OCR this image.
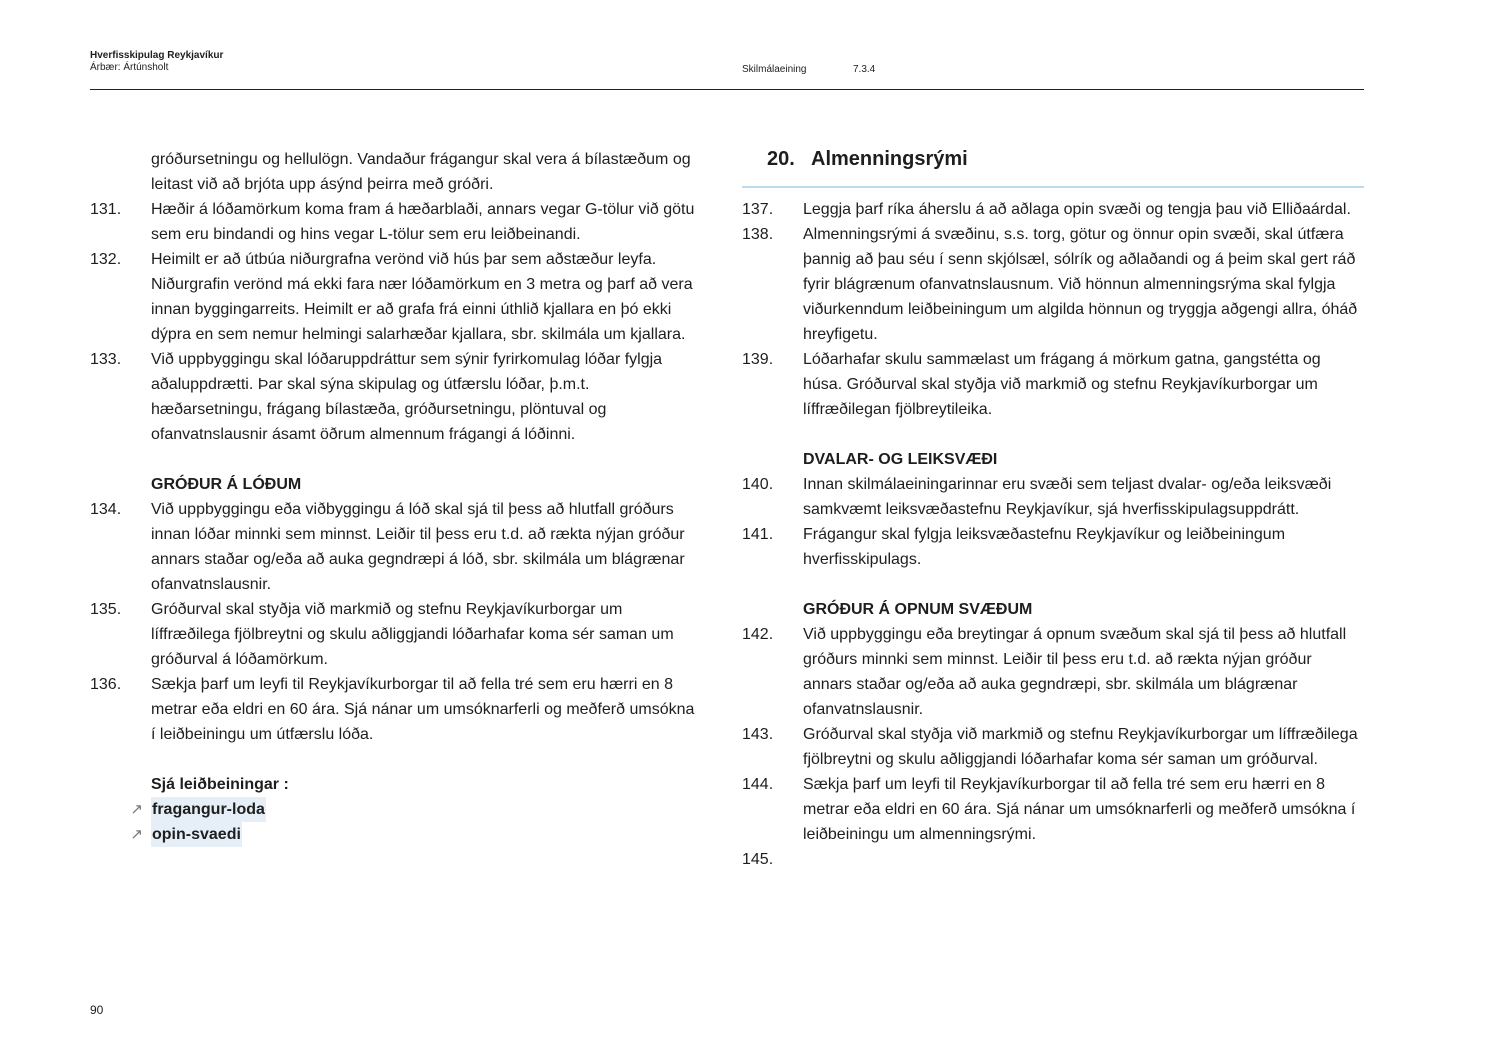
Hverfisskipulag Reykjavíkur
Árbær: Ártúnsholt	Skilmálaeining	7.3.4
gróðursetningu og hellulögn. Vandaður frágangur skal vera á bílastæðum og leitast við að brjóta upp ásýnd þeirra með gróðri.
131.	Hæðir á lóðamörkum koma fram á hæðarblaði, annars vegar G-tölur við götu sem eru bindandi og hins vegar L-tölur sem eru leiðbeinandi.
132.	Heimilt er að útbúa niðurgrafna verönd við hús þar sem aðstæður leyfa. Niðurgrafin verönd má ekki fara nær lóðamörkum en 3 metra og þarf að vera innan byggingarreits. Heimilt er að grafa frá einni úthlið kjallara en þó ekki dýpra en sem nemur helmingi salarhæðar kjallara, sbr. skilmála um kjallara.
133.	Við uppbyggingu skal lóðaruppdráttur sem sýnir fyrirkomulag lóðar fylgja aðaluppdrætti. Þar skal sýna skipulag og útfærslu lóðar, þ.m.t. hæðarsetningu, frágang bílastæða, gróðursetningu, plöntuval og ofanvatnslausnir ásamt öðrum almennum frágangi á lóðinni.
GRÓÐUR Á LÓÐUM
134.	Við uppbyggingu eða viðbyggingu á lóð skal sjá til þess að hlutfall gróðurs innan lóðar minnki sem minnst. Leiðir til þess eru t.d. að rækta nýjan gróður annars staðar og/eða að auka gegndræpi á lóð, sbr. skilmála um blágrænar ofanvatnslausnir.
135.	Gróðurval skal styðja við markmið og stefnu Reykjavíkurborgar um líffræðilega fjölbreytni og skulu aðliggjandi lóðarhafar koma sér saman um gróðurval á lóðamörkum.
136.	Sækja þarf um leyfi til Reykjavíkurborgar til að fella tré sem eru hærri en 8 metrar eða eldri en 60 ára. Sjá nánar um umsóknarferli og meðferð umsókna í leiðbeiningu um útfærslu lóða.
Sjá leiðbeiningar :
↗ fragangur-loda
↗ opin-svaedi
20. Almenningsrými
137.	Leggja þarf ríka áherslu á að aðlaga opin svæði og tengja þau við Elliðaárdal.
138.	Almenningsrými á svæðinu, s.s. torg, götur og önnur opin svæði, skal útfæra þannig að þau séu í senn skjólsæl, sólrík og aðlaðandi og á þeim skal gert ráð fyrir blágrænum ofanvatnslausnum. Við hönnun almenningsrýma skal fylgja viðurkenndum leiðbeiningum um algilda hönnun og tryggja aðgengi allra, óháð hreyfigetu.
139.	Lóðarhafar skulu sammælast um frágang á mörkum gatna, gangstétta og húsa. Gróðurval skal styðja við markmið og stefnu Reykjavíkurborgar um líffræðilegan fjölbreytileika.
DVALAR- OG LEIKSVÆÐI
140.	Innan skilmálaeiningarinnar eru svæði sem teljast dvalar- og/eða leiksvæði samkvæmt leiksvæðastefnu Reykjavíkur, sjá hverfisskipulagsuppdrátt.
141.	Frágangur skal fylgja leiksvæðastefnu Reykjavíkur og leiðbeiningum hverfisskipulags.
GRÓÐUR Á OPNUM SVÆÐUM
142.	Við uppbyggingu eða breytingar á opnum svæðum skal sjá til þess að hlutfall gróðurs minnki sem minnst. Leiðir til þess eru t.d. að rækta nýjan gróður annars staðar og/eða að auka gegndræpi, sbr. skilmála um blágrænar ofanvatnslausnir.
143.	Gróðurval skal styðja við markmið og stefnu Reykjavíkurborgar um líffræðilega fjölbreytni og skulu aðliggjandi lóðarhafar koma sér saman um gróðurval.
144.	Sækja þarf um leyfi til Reykjavíkurborgar til að fella tré sem eru hærri en 8 metrar eða eldri en 60 ára. Sjá nánar um umsóknarferli og meðferð umsókna í leiðbeiningu um almenningsrými.
145.
90
